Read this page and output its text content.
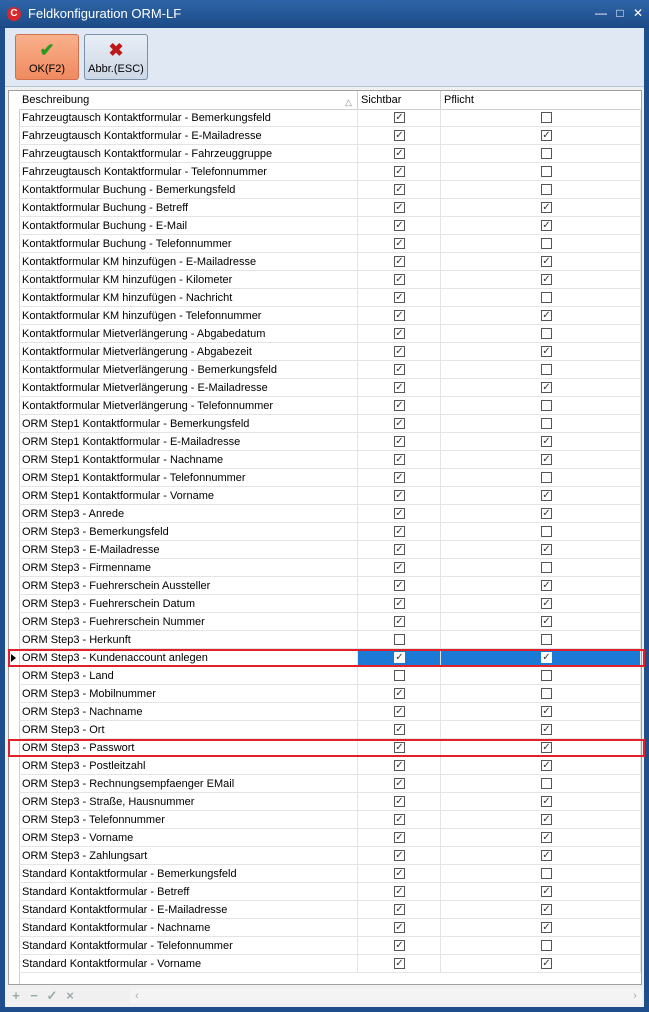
C Feldkonfiguration ORM-LF	— □ ✕
✔
OK(F2)
✖
Abbr.(ESC)
Beschreibung	△ Sichtbar	Pflicht
Fahrzeugtausch Kontaktformular - Bemerkungsfeld	✓
Fahrzeugtausch Kontaktformular - E-Mailadresse	✓	✓
Fahrzeugtausch Kontaktformular - Fahrzeuggruppe	✓
Fahrzeugtausch Kontaktformular - Telefonnummer	✓
Kontaktformular Buchung - Bemerkungsfeld	✓
Kontaktformular Buchung - Betreff	✓	✓
Kontaktformular Buchung - E-Mail	✓	✓
Kontaktformular Buchung - Telefonnummer	✓
Kontaktformular KM hinzufügen - E-Mailadresse	✓	✓
Kontaktformular KM hinzufügen - Kilometer	✓	✓
Kontaktformular KM hinzufügen - Nachricht	✓
Kontaktformular KM hinzufügen - Telefonnummer	✓	✓
Kontaktformular Mietverlängerung - Abgabedatum	✓
Kontaktformular Mietverlängerung - Abgabezeit	✓	✓
Kontaktformular Mietverlängerung - Bemerkungsfeld	✓
Kontaktformular Mietverlängerung - E-Mailadresse	✓	✓
Kontaktformular Mietverlängerung - Telefonnummer	✓
ORM Step1 Kontaktformular - Bemerkungsfeld	✓
ORM Step1 Kontaktformular - E-Mailadresse	✓	✓
ORM Step1 Kontaktformular - Nachname	✓	✓
ORM Step1 Kontaktformular - Telefonnummer	✓
ORM Step1 Kontaktformular - Vorname	✓	✓
ORM Step3 - Anrede	✓	✓
ORM Step3 - Bemerkungsfeld	✓
ORM Step3 - E-Mailadresse	✓	✓
ORM Step3 - Firmenname	✓
ORM Step3 - Fuehrerschein Aussteller	✓	✓
ORM Step3 - Fuehrerschein Datum	✓	✓
ORM Step3 - Fuehrerschein Nummer	✓	✓
ORM Step3 - Herkunft
ORM Step3 - Kundenaccount anlegen	✓	✓
ORM Step3 - Land
ORM Step3 - Mobilnummer	✓
ORM Step3 - Nachname	✓	✓
ORM Step3 - Ort	✓	✓
ORM Step3 - Passwort	✓	✓
ORM Step3 - Postleitzahl	✓	✓
ORM Step3 - Rechnungsempfaenger EMail	✓
ORM Step3 - Straße, Hausnummer	✓	✓
ORM Step3 - Telefonnummer	✓	✓
ORM Step3 - Vorname	✓	✓
ORM Step3 - Zahlungsart	✓	✓
Standard Kontaktformular - Bemerkungsfeld	✓
Standard Kontaktformular - Betreff	✓	✓
Standard Kontaktformular - E-Mailadresse	✓	✓
Standard Kontaktformular - Nachname	✓	✓
Standard Kontaktformular - Telefonnummer	✓
Standard Kontaktformular - Vorname	✓	✓
+ − ✓ ×	‹	›
